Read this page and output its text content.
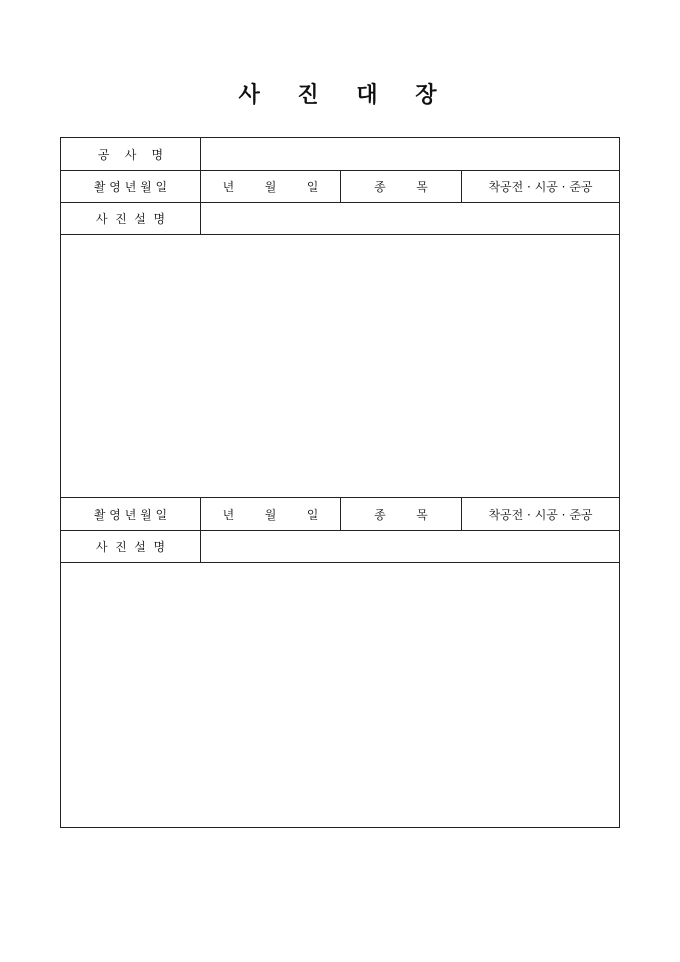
사 진 대 장
공    사    명
촬 영 년 월 일	년        월        일	종        목	착공전 · 시공 · 준공
사  진  설  명
촬 영 년 월 일	년        월        일	종        목	착공전 · 시공 · 준공
사  진  설  명
